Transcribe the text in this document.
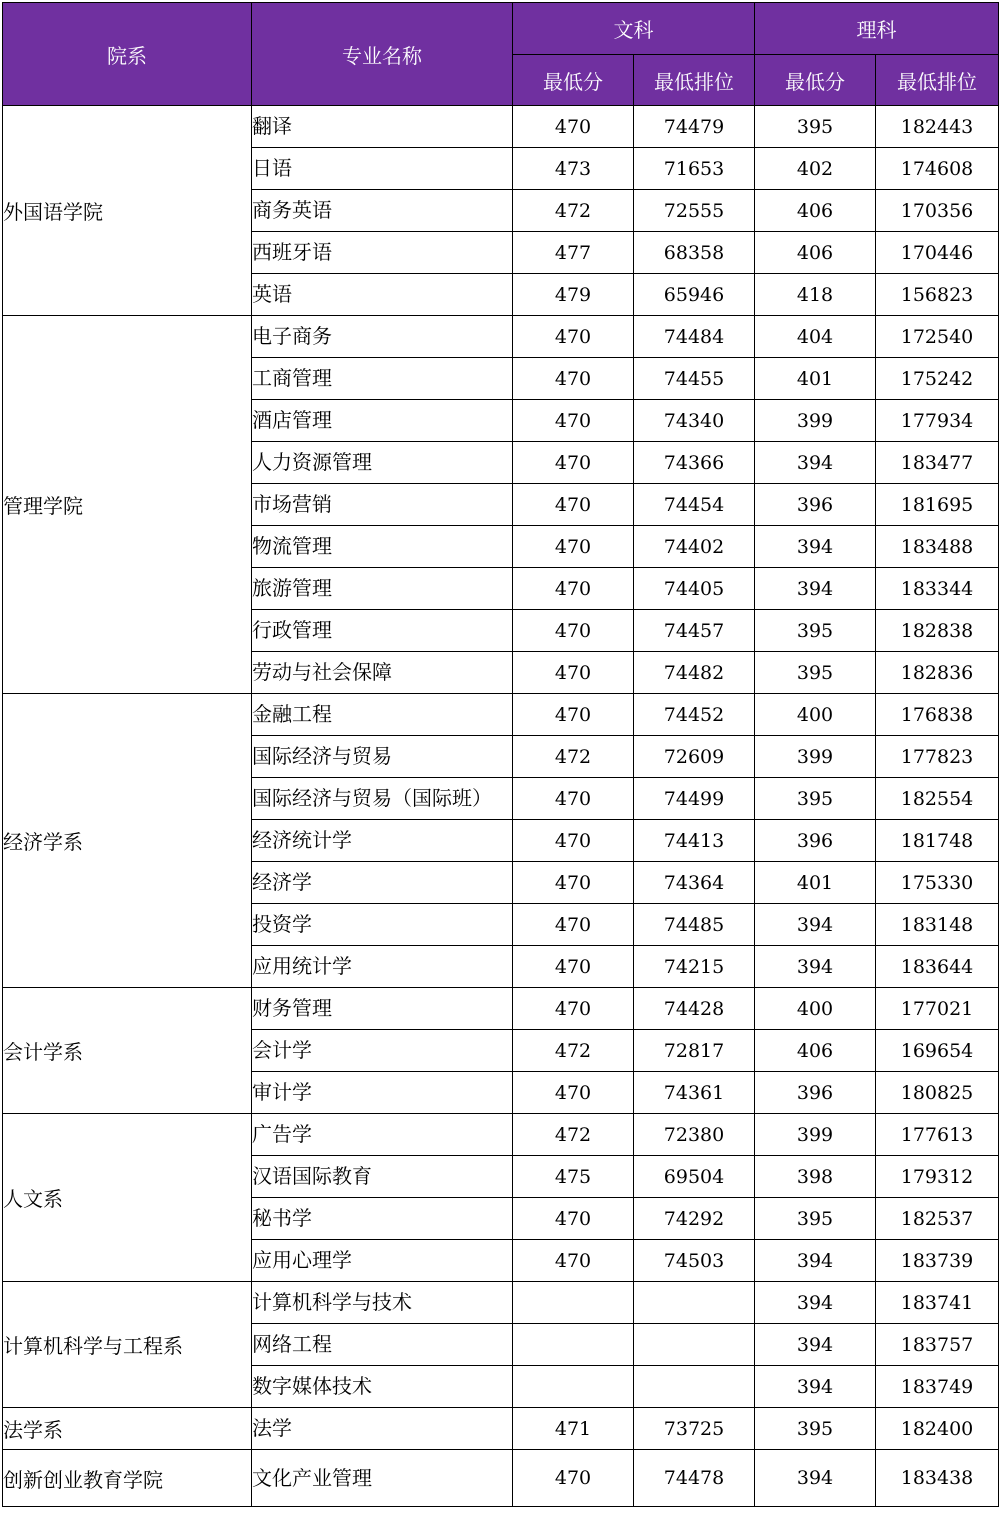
院系	专业名称	文科		理科	
		最低分	最低排位	最低分	最低排位
外国语学院	翻译	470	74479	395	182443
	日语	473	71653	402	174608
	商务英语	472	72555	406	170356
	西班牙语	477	68358	406	170446
	英语	479	65946	418	156823
管理学院	电子商务	470	74484	404	172540
	工商管理	470	74455	401	175242
	酒店管理	470	74340	399	177934
	人力资源管理	470	74366	394	183477
	市场营销	470	74454	396	181695
	物流管理	470	74402	394	183488
	旅游管理	470	74405	394	183344
	行政管理	470	74457	395	182838
	劳动与社会保障	470	74482	395	182836
经济学系	金融工程	470	74452	400	176838
	国际经济与贸易	472	72609	399	177823
	国际经济与贸易（国际班）	470	74499	395	182554
	经济统计学	470	74413	396	181748
	经济学	470	74364	401	175330
	投资学	470	74485	394	183148
	应用统计学	470	74215	394	183644
会计学系	财务管理	470	74428	400	177021
	会计学	472	72817	406	169654
	审计学	470	74361	396	180825
人文系	广告学	472	72380	399	177613
	汉语国际教育	475	69504	398	179312
	秘书学	470	74292	395	182537
	应用心理学	470	74503	394	183739
计算机科学与工程系	计算机科学与技术			394	183741
	网络工程			394	183757
	数字媒体技术			394	183749
法学系	法学	471	73725	395	182400
创新创业教育学院	文化产业管理	470	74478	394	183438
